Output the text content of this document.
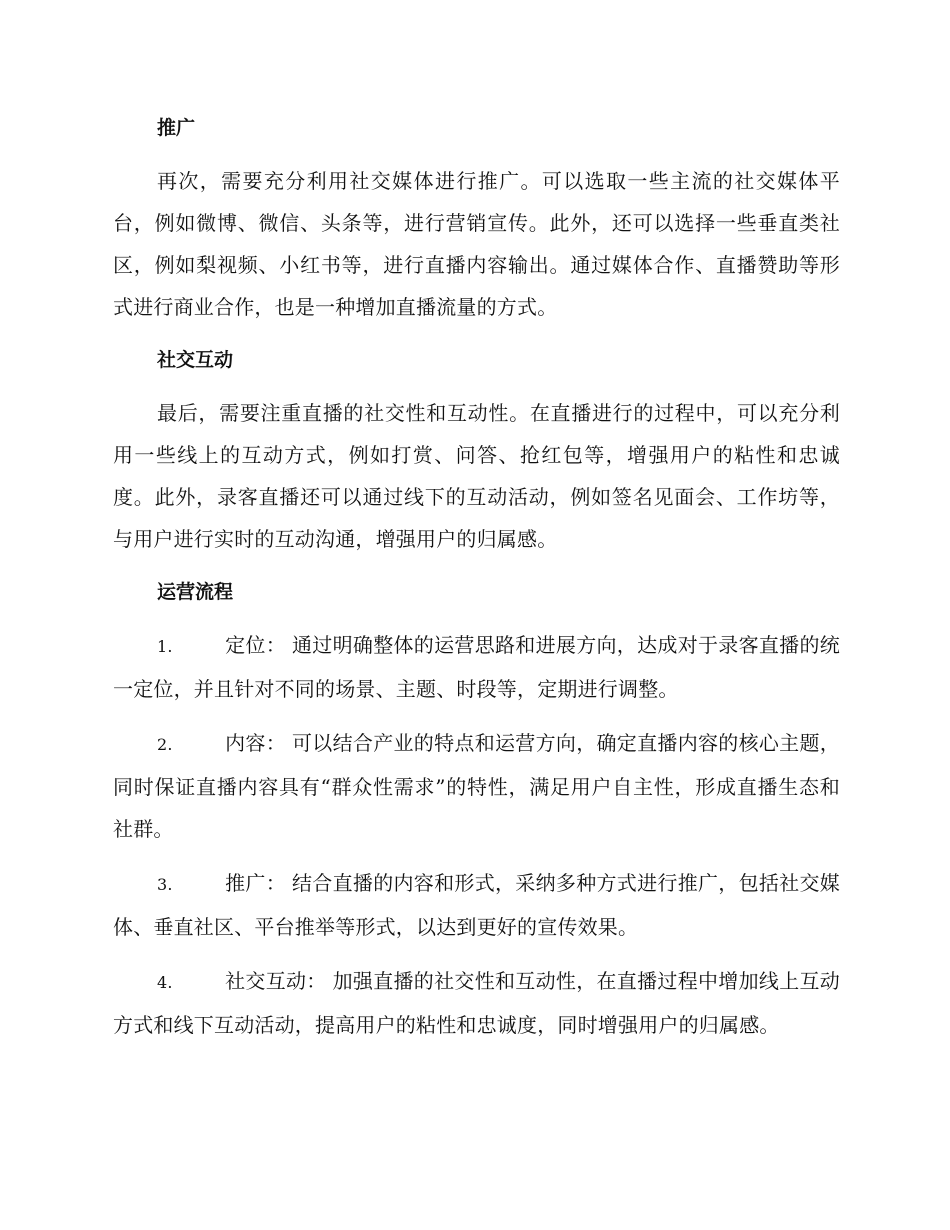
推广

再次，需要充分利用社交媒体进行推广。可以选取一些主流的社交媒体平台，例如微博、微信、头条等，进行营销宣传。此外，还可以选择一些垂直类社区，例如梨视频、小红书等，进行直播内容输出。通过媒体合作、直播赞助等形式进行商业合作，也是一种增加直播流量的方式。

社交互动

最后，需要注重直播的社交性和互动性。在直播进行的过程中，可以充分利用一些线上的互动方式，例如打赏、问答、抢红包等，增强用户的粘性和忠诚度。此外，录客直播还可以通过线下的互动活动，例如签名见面会、工作坊等，与用户进行实时的互动沟通，增强用户的归属感。

运营流程

1.	定位： 通过明确整体的运营思路和进展方向，达成对于录客直播的统一定位，并且针对不同的场景、主题、时段等，定期进行调整。

2.	内容： 可以结合产业的特点和运营方向，确定直播内容的核心主题，同时保证直播内容具有“群众性需求”的特性，满足用户自主性，形成直播生态和社群。

3.	推广： 结合直播的内容和形式，采纳多种方式进行推广，包括社交媒体、垂直社区、平台推举等形式，以达到更好的宣传效果。

4.	社交互动： 加强直播的社交性和互动性，在直播过程中增加线上互动方式和线下互动活动，提高用户的粘性和忠诚度，同时增强用户的归属感。
